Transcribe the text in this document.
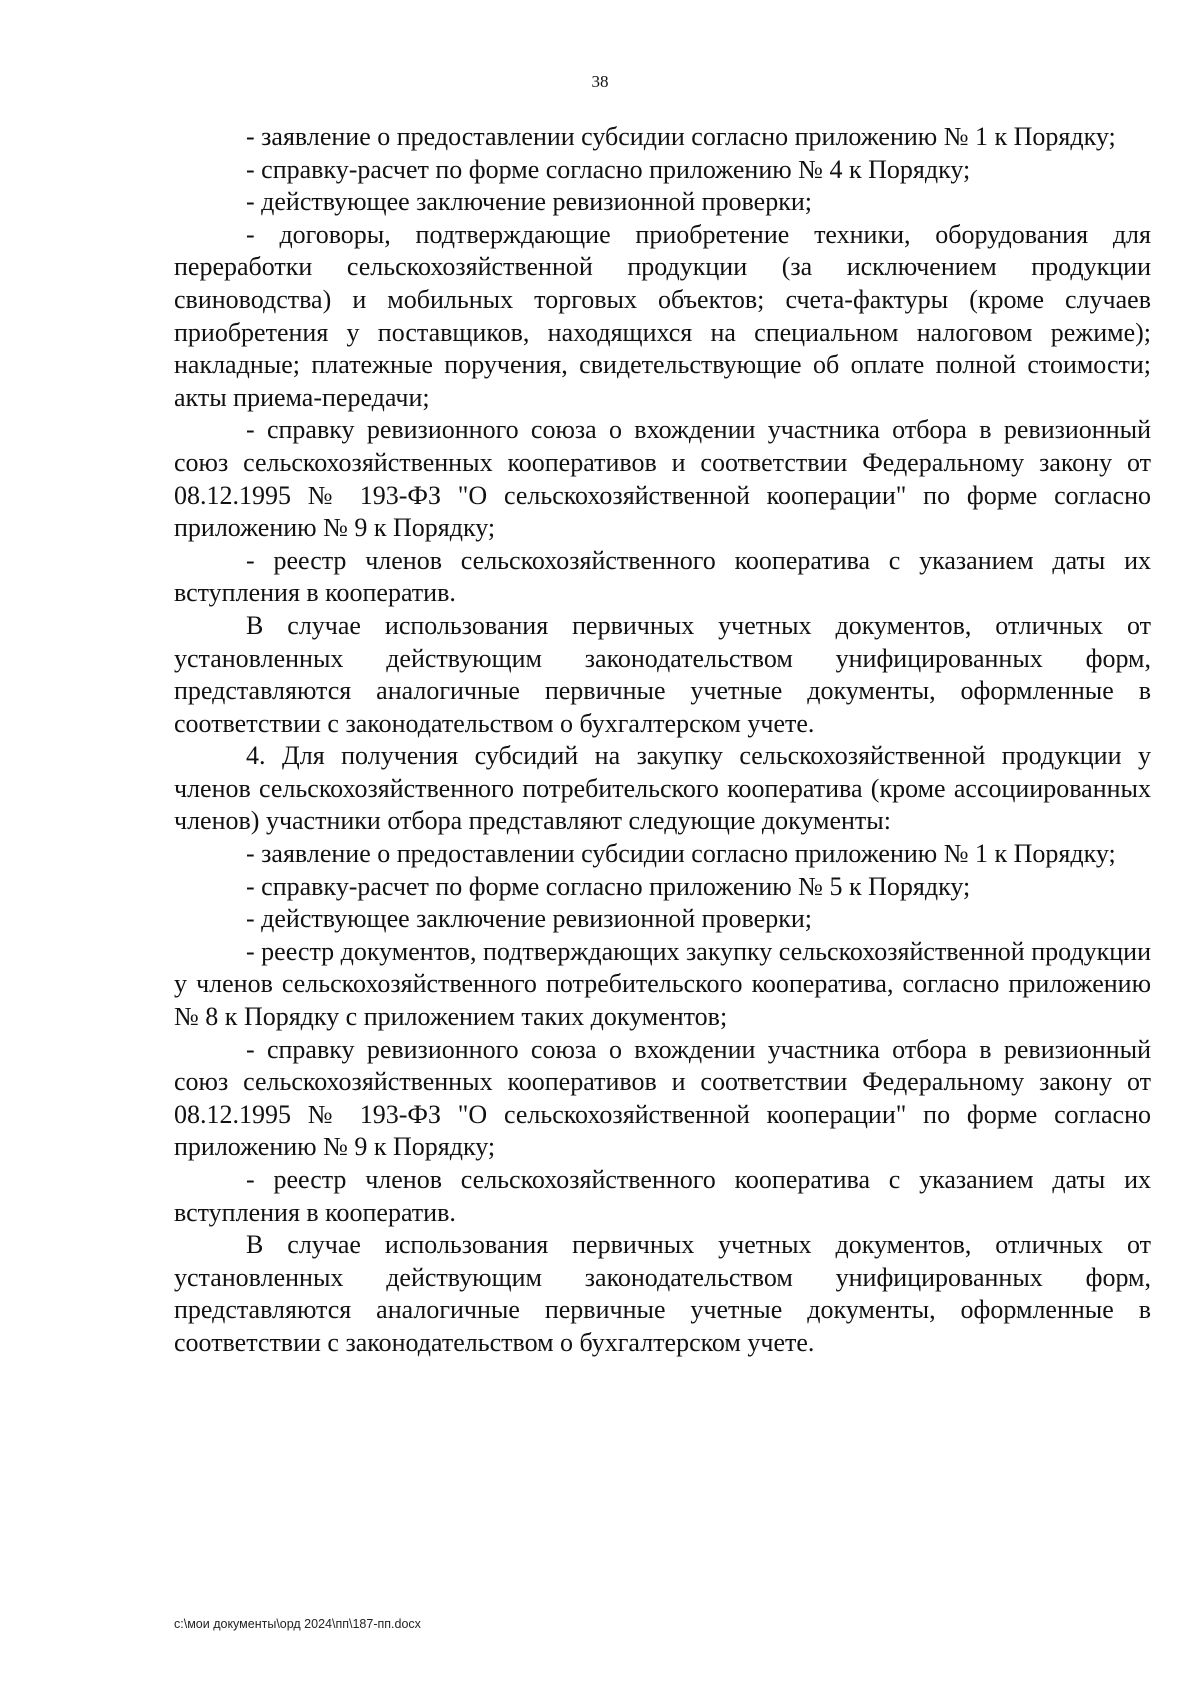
38

- заявление о предоставлении субсидии согласно приложению № 1 к Порядку;

- справку-расчет по форме согласно приложению № 4 к Порядку;

- действующее заключение ревизионной проверки;

- договоры, подтверждающие приобретение техники, оборудования для переработки сельскохозяйственной продукции (за исключением продукции свиноводства) и мобильных торговых объектов; счета-фактуры (кроме случаев приобретения у поставщиков, находящихся на специальном налоговом режиме); накладные; платежные поручения, свидетельствующие об оплате полной стоимости; акты приема-передачи;

- справку ревизионного союза о вхождении участника отбора в ревизионный союз сельскохозяйственных кооперативов и соответствии Федеральному закону от 08.12.1995 № 193-ФЗ "О сельскохозяйственной кооперации" по форме согласно приложению № 9 к Порядку;

- реестр членов сельскохозяйственного кооператива с указанием даты их вступления в кооператив.

В случае использования первичных учетных документов, отличных от установленных действующим законодательством унифицированных форм, представляются аналогичные первичные учетные документы, оформленные в соответствии с законодательством о бухгалтерском учете.

4. Для получения субсидий на закупку сельскохозяйственной продукции у членов сельскохозяйственного потребительского кооператива (кроме ассоциированных членов) участники отбора представляют следующие документы:

- заявление о предоставлении субсидии согласно приложению № 1 к Порядку;

- справку-расчет по форме согласно приложению № 5 к Порядку;

- действующее заключение ревизионной проверки;

- реестр документов, подтверждающих закупку сельскохозяйственной продукции у членов сельскохозяйственного потребительского кооператива, согласно приложению № 8 к Порядку с приложением таких документов;

- справку ревизионного союза о вхождении участника отбора в ревизионный союз сельскохозяйственных кооперативов и соответствии Федеральному закону от 08.12.1995 № 193-ФЗ "О сельскохозяйственной кооперации" по форме согласно приложению № 9 к Порядку;

- реестр членов сельскохозяйственного кооператива с указанием даты их вступления в кооператив.

В случае использования первичных учетных документов, отличных от установленных действующим законодательством унифицированных форм, представляются аналогичные первичные учетные документы, оформленные в соответствии с законодательством о бухгалтерском учете.

c:\мои документы\орд 2024\пп\187-пп.docx
